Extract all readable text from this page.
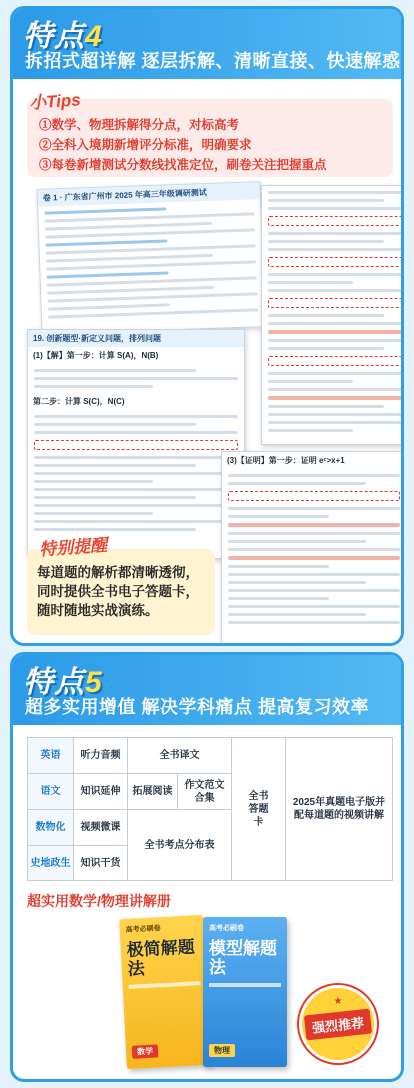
特点4
拆招式超详解 逐层拆解、清晰直接、快速解惑
①数学、物理拆解得分点，对标高考
②全科入境期新增评分标准，明确要求
③每卷新增测试分数线找准定位，刷卷关注把握重点
小Tips
卷 1 · 广东省广州市 2025 年高三年级调研测试
19. 创新题型·新定义问题，排列问题
(1)【解】第一步：计算 S(A)，N(B)
第二步：计算 S(C)，N(C)
(3)【证明】第一步：证明 eᶜ>x+1
每道题的解析都清晰透彻，同时提供全书电子答题卡，随时随地实战演练。
特别提醒
特点5
超多实用增值 解决学科痛点 提高复习效率
英语
语文
数物化
史地政生
听力音频	全书译文
知识延伸	拓展阅读
作文范文合集
视频微课
知识干货
全书考点分布表
全书答题卡
2025年真题电子版并配每道题的视频讲解
超实用数学/物理讲解册
高考必刷卷
极简解题法
数学
高考必刷卷
模型解题法
物理
★
强烈推荐
